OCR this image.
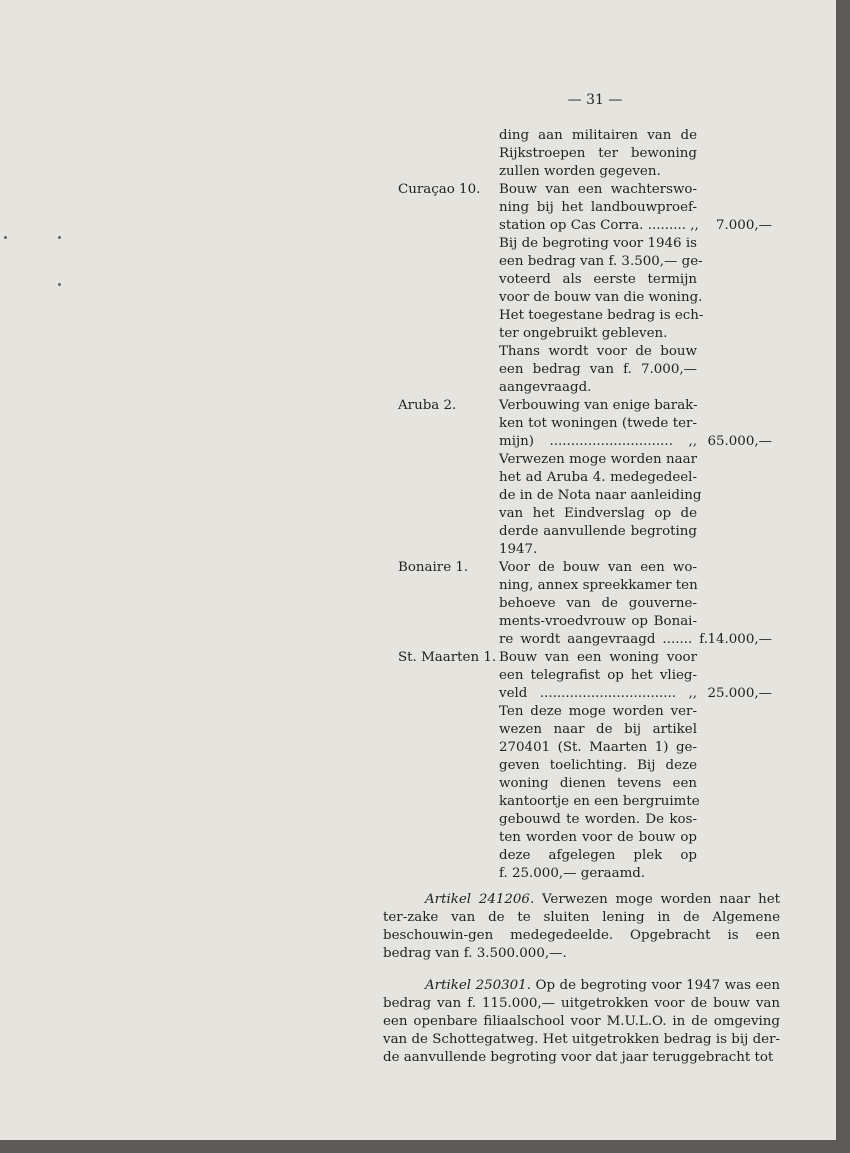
— 31 —
ding aan militairen van de
Rijkstroepen ter bewoning
zullen worden gegeven.
Curaçao 10. Bouw van een wachterswo-
ning bij het landbouwproef-
station op Cas Corra. ......... ,, 7.000,—
Bij de begroting voor 1946 is
een bedrag van f. 3.500,— ge-
voteerd als eerste termijn
voor de bouw van die woning.
Het toegestane bedrag is ech-
ter ongebruikt gebleven.
Thans wordt voor de bouw
een bedrag van f. 7.000,—
aangevraagd.
Aruba 2.	Verbouwing van enige barak-
ken tot woningen (twede ter-
mijn) ............................. ,, 65.000,—
Verwezen moge worden naar
het ad Aruba 4. medegedeel-
de in de Nota naar aanleiding
van het Eindverslag op de
derde aanvullende begroting
1947.
Bonaire 1. Voor de bouw van een wo-
ning, annex spreekkamer ten
behoeve van de gouverne-
ments-vroedvrouw op Bonai-
re wordt aangevraagd ....... f. 14.000,—
St. Maarten 1. Bouw van een woning voor
een telegrafist op het vlieg-
veld ................................ ,, 25.000,—
Ten deze moge worden ver-
wezen naar de bij artikel
270401 (St. Maarten 1) ge-
geven toelichting. Bij deze
woning dienen tevens een
kantoortje en een bergruimte
gebouwd te worden. De kos-
ten worden voor de bouw op
deze afgelegen plek op
f. 25.000,— geraamd.
Artikel 241206. Verwezen moge worden naar het ter-zake van de te sluiten lening in de Algemene beschouwin-gen medegedeelde. Opgebracht is een bedrag van f. 3.500.000,—.
Artikel 250301. Op de begroting voor 1947 was een bedrag van f. 115.000,— uitgetrokken voor de bouw van een openbare filiaalschool voor M.U.L.O. in de omgeving van de Schottegatweg. Het uitgetrokken bedrag is bij der-de aanvullende begroting voor dat jaar teruggebracht tot
